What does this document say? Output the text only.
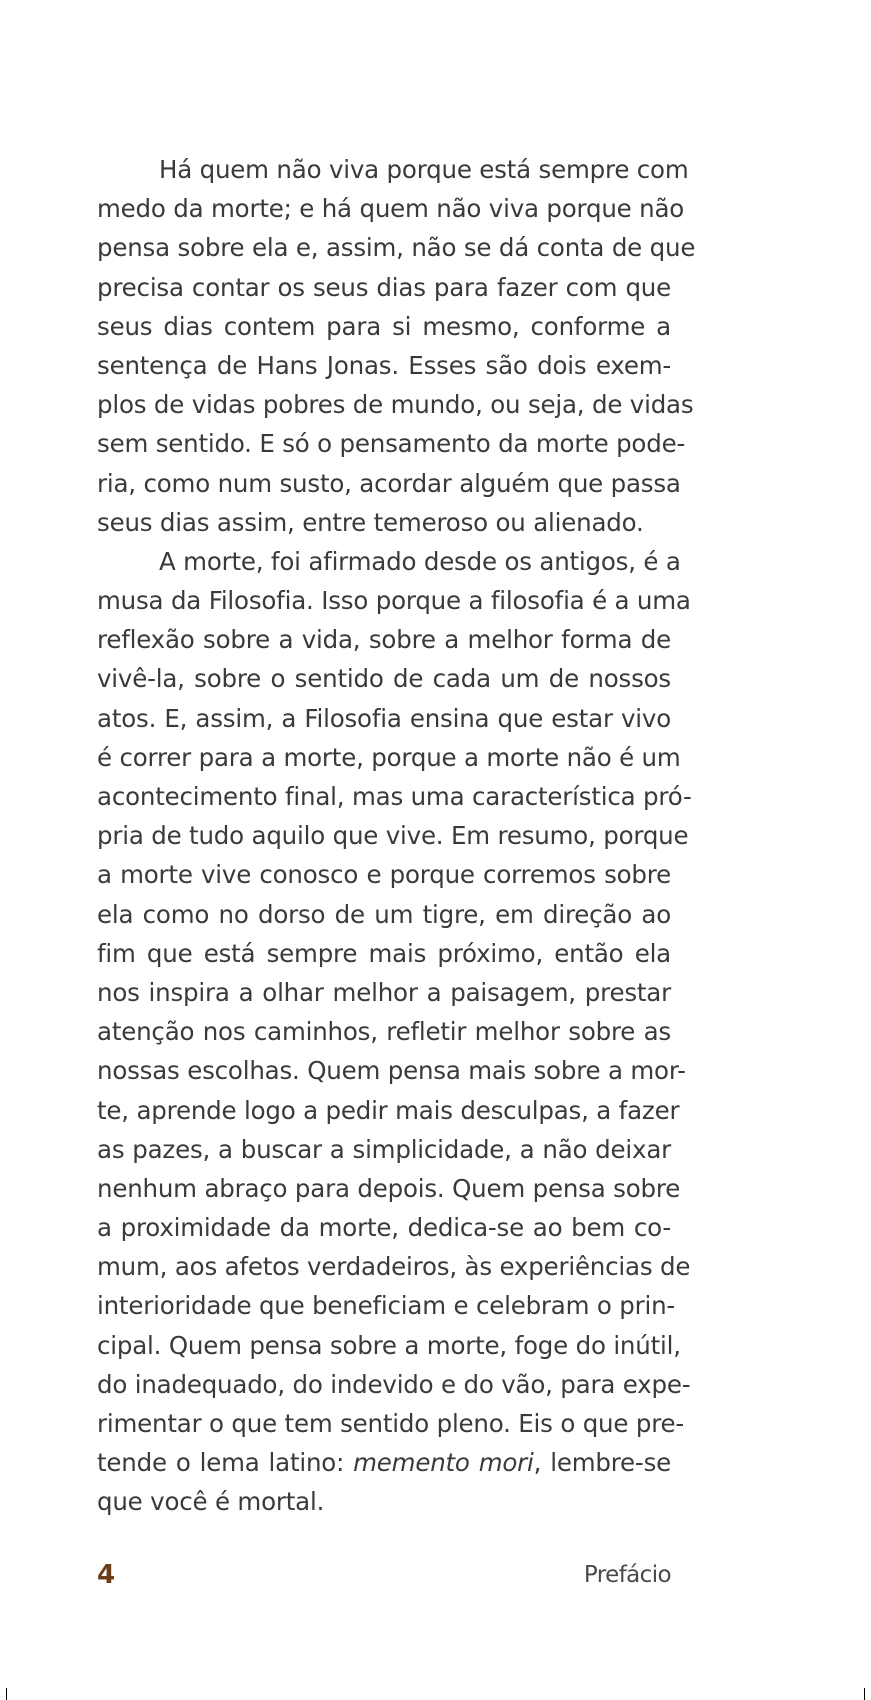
Há quem não viva porque está sempre com
medo da morte; e há quem não viva porque não
pensa sobre ela e, assim, não se dá conta de que
precisa contar os seus dias para fazer com que
seus dias contem para si mesmo, conforme a
sentença de Hans Jonas. Esses são dois exem-
plos de vidas pobres de mundo, ou seja, de vidas
sem sentido. E só o pensamento da morte pode-
ria, como num susto, acordar alguém que passa
seus dias assim, entre temeroso ou alienado.
A morte, foi afirmado desde os antigos, é a
musa da Filosofia. Isso porque a filosofia é a uma
reflexão sobre a vida, sobre a melhor forma de
vivê-la, sobre o sentido de cada um de nossos
atos. E, assim, a Filosofia ensina que estar vivo
é correr para a morte, porque a morte não é um
acontecimento final, mas uma característica pró-
pria de tudo aquilo que vive. Em resumo, porque
a morte vive conosco e porque corremos sobre
ela como no dorso de um tigre, em direção ao
fim que está sempre mais próximo, então ela
nos inspira a olhar melhor a paisagem, prestar
atenção nos caminhos, refletir melhor sobre as
nossas escolhas. Quem pensa mais sobre a mor-
te, aprende logo a pedir mais desculpas, a fazer
as pazes, a buscar a simplicidade, a não deixar
nenhum abraço para depois. Quem pensa sobre
a proximidade da morte, dedica-se ao bem co-
mum, aos afetos verdadeiros, às experiências de
interioridade que beneficiam e celebram o prin-
cipal. Quem pensa sobre a morte, foge do inútil,
do inadequado, do indevido e do vão, para expe-
rimentar o que tem sentido pleno. Eis o que pre-
tende o lema latino: memento mori, lembre-se
que você é mortal.
4	Prefácio
